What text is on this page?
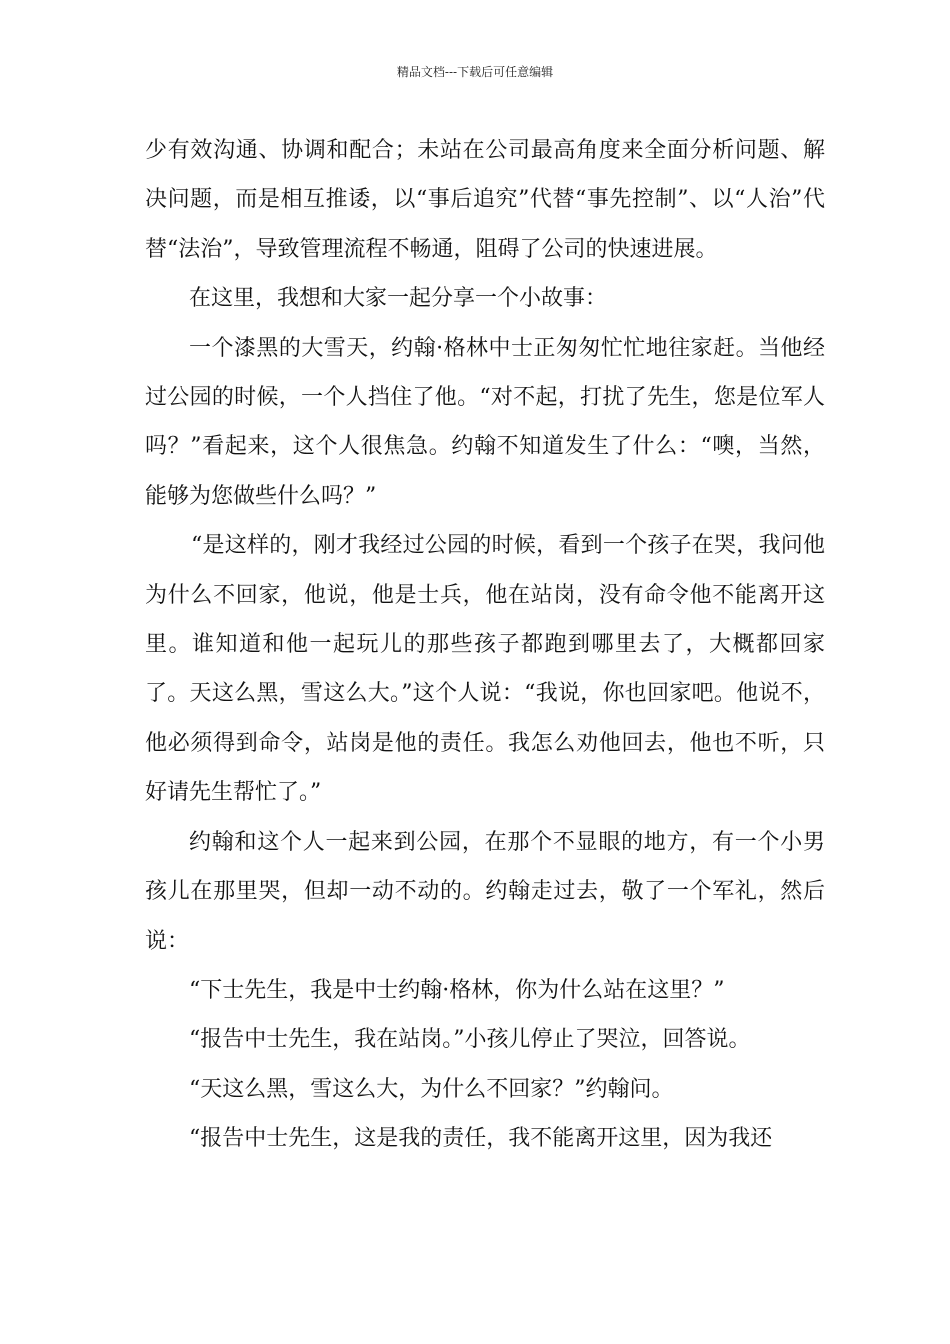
精品文档---下载后可任意编辑

少有效沟通、协调和配合；未站在公司最高角度来全面分析问题、解决问题，而是相互推诿，以“事后追究”代替“事先控制”、以“人治”代替“法治”，导致管理流程不畅通，阻碍了公司的快速进展。

在这里，我想和大家一起分享一个小故事：

一个漆黑的大雪天，约翰·格林中士正匆匆忙忙地往家赶。当他经过公园的时候，一个人挡住了他。“对不起，打扰了先生，您是位军人吗？”看起来，这个人很焦急。约翰不知道发生了什么：“噢，当然，能够为您做些什么吗？”

“是这样的，刚才我经过公园的时候，看到一个孩子在哭，我问他为什么不回家，他说，他是士兵，他在站岗，没有命令他不能离开这里。谁知道和他一起玩儿的那些孩子都跑到哪里去了，大概都回家了。天这么黑，雪这么大。”这个人说：“我说，你也回家吧。他说不，他必须得到命令，站岗是他的责任。我怎么劝他回去，他也不听，只好请先生帮忙了。”

约翰和这个人一起来到公园，在那个不显眼的地方，有一个小男孩儿在那里哭，但却一动不动的。约翰走过去，敬了一个军礼，然后说：

“下士先生，我是中士约翰·格林，你为什么站在这里？”

“报告中士先生，我在站岗。”小孩儿停止了哭泣，回答说。

“天这么黑，雪这么大，为什么不回家？”约翰问。

“报告中士先生，这是我的责任，我不能离开这里，因为我还
